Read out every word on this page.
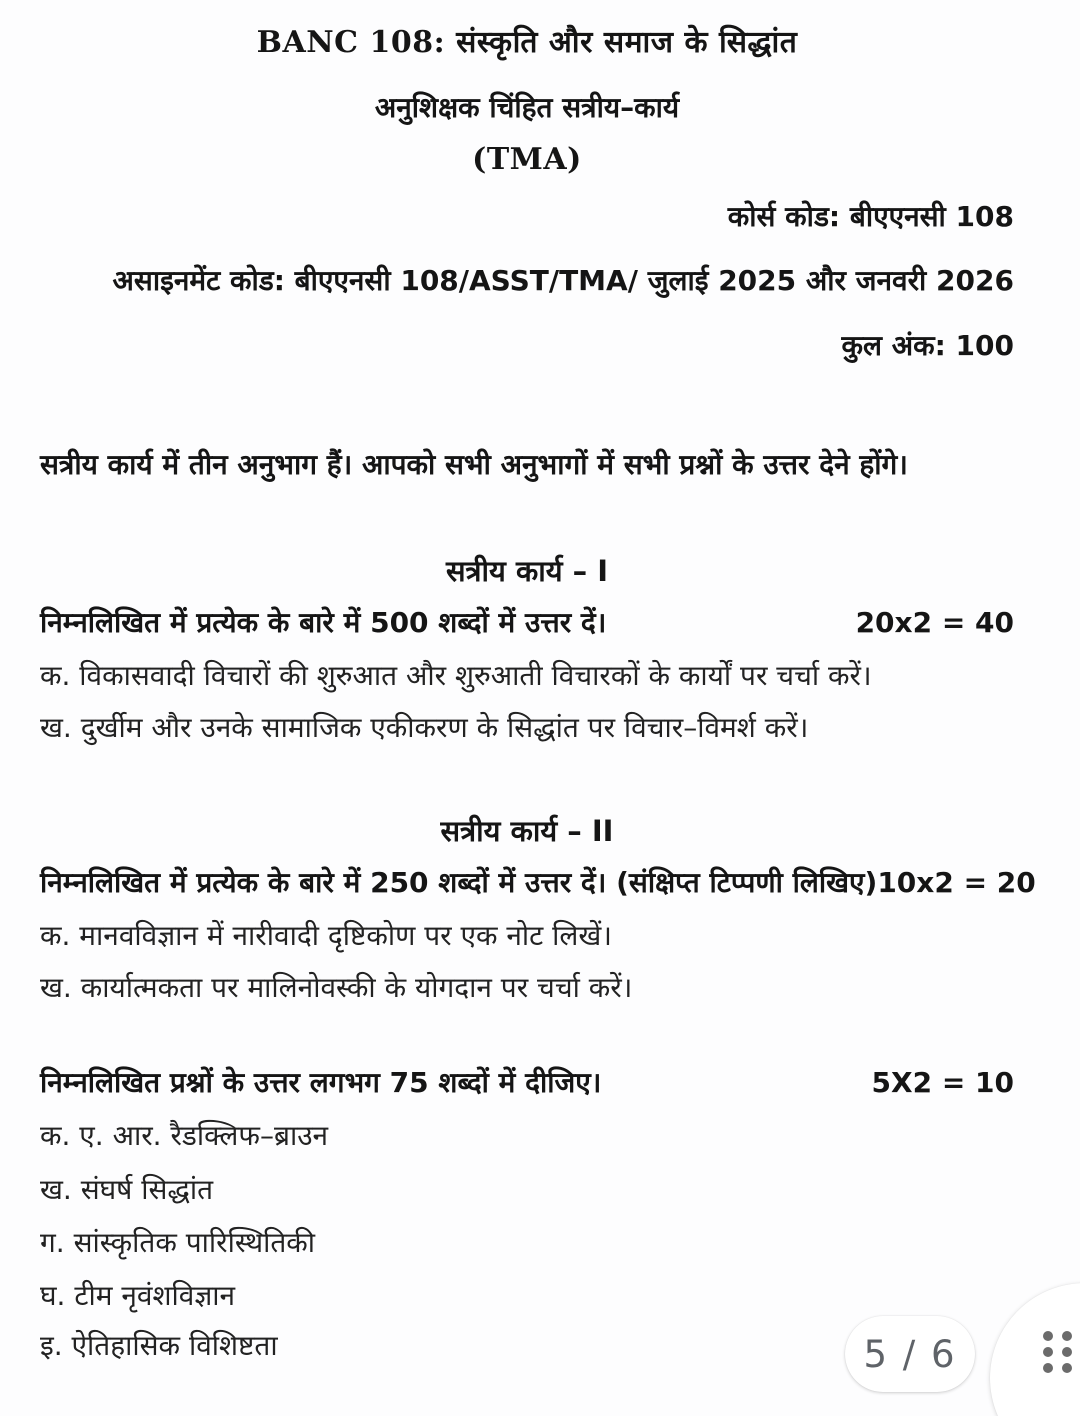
BANC 108: संस्कृति और समाज के सिद्धांत
अनुशिक्षक चिंहित सत्रीय–कार्य
(TMA)
कोर्स कोड: बीएएनसी 108
असाइनमेंट कोड: बीएएनसी 108/ASST/TMA/ जुलाई 2025 और जनवरी 2026
कुल अंक: 100
सत्रीय कार्य में तीन अनुभाग हैं। आपको सभी अनुभागों में सभी प्रश्नों के उत्तर देने होंगे।
सत्रीय कार्य – I
निम्नलिखित में प्रत्येक के बारे में 500 शब्दों में उत्तर दें।	20x2 = 40
क. विकासवादी विचारों की शुरुआत और शुरुआती विचारकों के कार्यों पर चर्चा करें।
ख. दुर्खीम और उनके सामाजिक एकीकरण के सिद्धांत पर विचार–विमर्श करें।
सत्रीय कार्य – II
निम्नलिखित में प्रत्येक के बारे में 250 शब्दों में उत्तर दें। (संक्षिप्त टिप्पणी लिखिए) 10x2 = 20
क. मानवविज्ञान में नारीवादी दृष्टिकोण पर एक नोट लिखें।
ख. कार्यात्मकता पर मालिनोवस्की के योगदान पर चर्चा करें।
निम्नलिखित प्रश्नों के उत्तर लगभग 75 शब्दों में दीजिए।	5X2 = 10
क. ए. आर. रैडक्लिफ–ब्राउन
ख. संघर्ष सिद्धांत
ग. सांस्कृतिक पारिस्थितिकी
घ. टीम नृवंशविज्ञान
इ. ऐतिहासिक विशिष्टता	5 / 6
